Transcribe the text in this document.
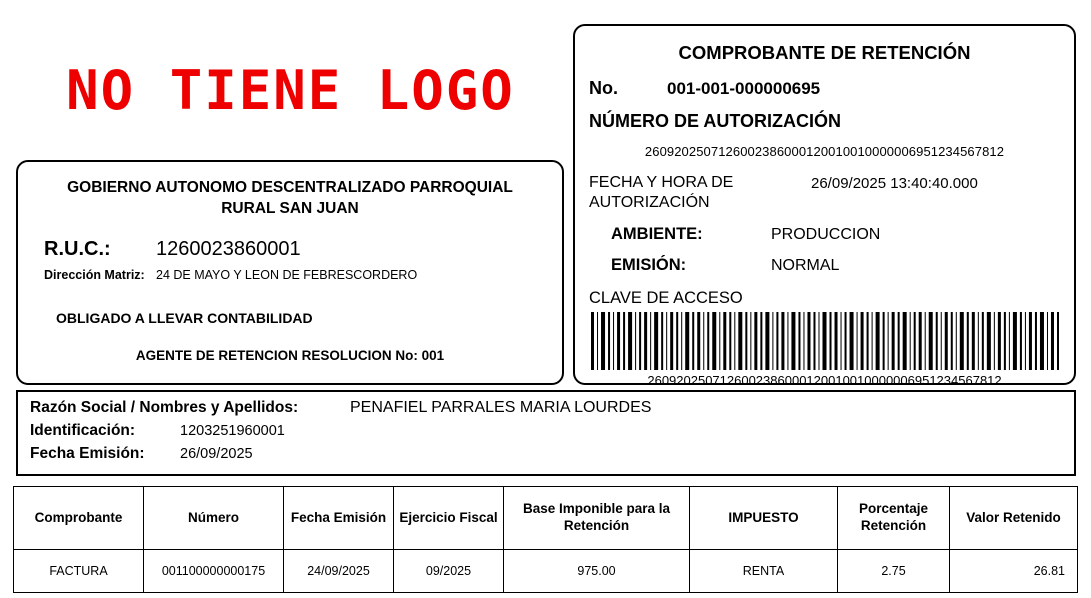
NO TIENE LOGO
GOBIERNO AUTONOMO DESCENTRALIZADO PARROQUIAL RURAL SAN JUAN
R.U.C.:	1260023860001
Dirección Matriz: 24 DE MAYO Y LEON DE FEBRESCORDERO
OBLIGADO A LLEVAR CONTABILIDAD
AGENTE DE RETENCION RESOLUCION No: 001
COMPROBANTE DE RETENCIÓN
No.	001-001-000000695
NÚMERO DE AUTORIZACIÓN
2609202507126002386000120010010000006951234567812
FECHA Y HORA DE AUTORIZACIÓN
26/09/2025 13:40:40.000
AMBIENTE:	PRODUCCION
EMISIÓN:	NORMAL
CLAVE DE ACCESO
2609202507126002386000120010010000006951234567812
Razón Social / Nombres y Apellidos:	PENAFIEL PARRALES MARIA LOURDES
Identificación:	1203251960001
Fecha Emisión:	26/09/2025
Comprobante	Número	Fecha Emisión	Ejercicio Fiscal	Base Imponible para la Retención	IMPUESTO	Porcentaje Retención	Valor Retenido
FACTURA	001100000000175	24/09/2025	09/2025	975.00	RENTA	2.75	26.81
